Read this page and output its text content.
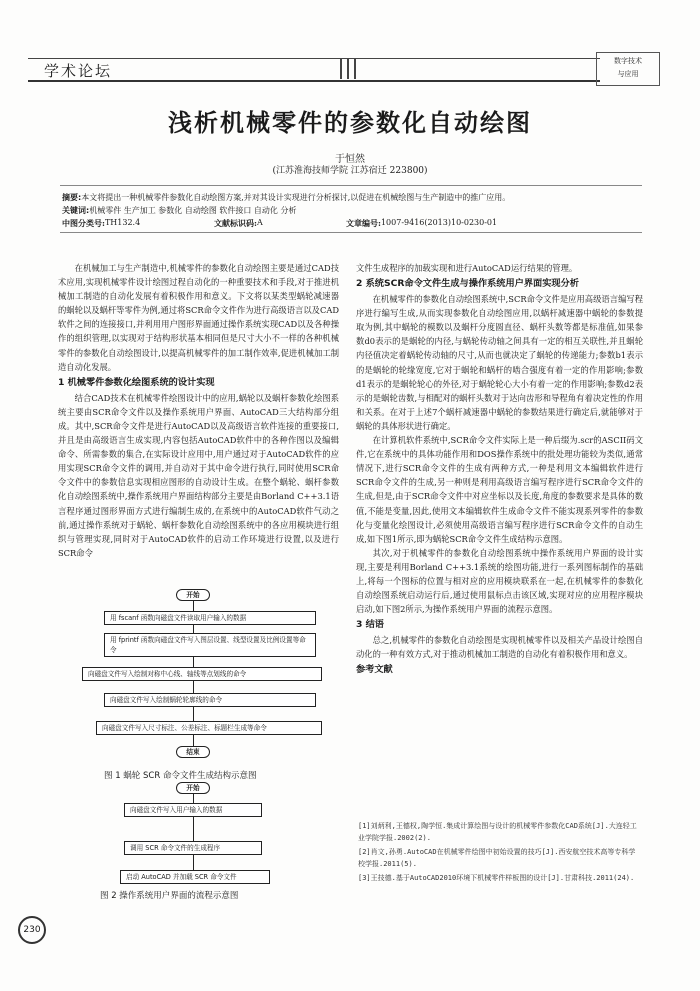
学术论坛
数字技术
与应用
浅析机械零件的参数化自动绘图
于恒然
(江苏淮海技师学院 江苏宿迁 223800)
摘要:本文将提出一种机械零件参数化自动绘图方案,并对其设计实现进行分析探讨,以促进在机械绘图与生产制造中的推广应用。
关键词:机械零件 生产加工 参数化 自动绘图 软件接口 自动化 分析
中图分类号: TH132.4	文献标识码: A	文章编号: 1007-9416(2013)10-0230-01

在机械加工与生产制造中,机械零件的参数化自动绘图主要是通过CAD技术应用,实现机械零件设计绘图过程自动化的一种重要技术和手段,对于推进机械加工制造的自动化发展有着积极作用和意义。下文将以某类型蜗轮减速器的蜗轮以及蜗杆等零件为例,通过将SCR命令文件作为进行高级语言以及CAD软件之间的连接接口,并利用用户图形界面通过操作系统实现CAD以及各种操作的组织管理,以实现对于结构形状基本相同但是尺寸大小不一样的各种机械零件的参数化自动绘图设计,以提高机械零件的加工制作效率,促进机械加工制造自动化发展。

1 机械零件参数化绘图系统的设计实现

结合CAD技术在机械零件绘图设计中的应用,蜗轮以及蜗杆参数化绘图系统主要由SCR命令文件以及操作系统用户界面、AutoCAD三大结构部分组成。其中,SCR命令文件是进行AutoCAD以及高级语言软件连接的重要接口,并且是由高级语言生成实现,内容包括AutoCAD软件中的各种作图以及编辑命令、所需参数的集合,在实际设计应用中,用户通过对于AutoCAD软件的应用实现SCR命令文件的调用,并自动对于其中命令进行执行,同时使用SCR命令文件中的参数信息实现相应图形的自动设计生成。在整个蜗轮、蜗杆参数化自动绘图系统中,操作系统用户界面结构部分主要是由Borland C++3.1语言程序通过图形界面方式进行编制生成的,在系统中的AutoCAD软件气动之前,通过操作系统对于蜗轮、蜗杆参数化自动绘图系统中的各应用模块进行组织与管理实现,同时对于AutoCAD软件的启动工作环境进行设置,以及进行SCR命令

开始
用 fscanf 函数向磁盘文件读取用户输入的数据
用 fprintf 函数向磁盘文件写入图层设置、线型设置及比例设置等命令
向磁盘文件写入绘制对称中心线、轴线等点划线的命令
向磁盘文件写入绘制蜗轮轮廓线的命令
向磁盘文件写入尺寸标注、公差标注、标题栏生成等命令
结束
图 1 蜗轮 SCR 命令文件生成结构示意图
开始
向磁盘文件写入用户输入的数据
调用 SCR 命令文件的生成程序
启动 AutoCAD 并加载 SCR 命令文件
图 2 操作系统用户界面的流程示意图

文件生成程序的加载实现和进行AutoCAD运行结果的管理。

2 系统SCR命令文件生成与操作系统用户界面实现分析

在机械零件的参数化自动绘图系统中,SCR命令文件是应用高级语言编写程序进行编写生成,从而实现参数化自动绘图应用,以蜗杆减速器中蜗轮的参数提取为例,其中蜗轮的模数以及蜗杆分度圆直径、蜗杆头数等都是标准值,如果参数d0表示的是蜗轮的内径,与蜗轮传动轴之间具有一定的相互关联性,并且蜗轮内径值决定着蜗轮传动轴的尺寸,从而也就决定了蜗轮的传递能力;参数b1表示的是蜗轮的轮缘宽度,它对于蜗轮和蜗杆的啮合强度有着一定的作用影响;参数d1表示的是蜗轮轮心的外径,对于蜗轮轮心大小有着一定的作用影响;参数d2表示的是蜗轮齿数,与相配对的蜗杆头数对于达向齿形和导程角有着决定性的作用和关系。在对于上述7个蜗杆减速器中蜗轮的参数结果进行确定后,就能够对于蜗轮的具体形状进行确定。

在计算机软件系统中,SCR命令文件实际上是一种后缀为.scr的ASCII码文件,它在系统中的具体功能作用和DOS操作系统中的批处理功能较为类似,通常情况下,进行SCR命令文件的生成有两种方式,一种是利用文本编辑软件进行SCR命令文件的生成,另一种则是利用高级语言编写程序进行SCR命令文件的生成,但是,由于SCR命令文件中对应坐标以及长度,角度的参数要求是具体的数值,不能是变量,因此,使用文本编辑软件生成命令文件不能实现系列零件的参数化与变量化绘图设计,必须使用高级语言编写程序进行SCR命令文件的自动生成,如下图1所示,即为蜗轮SCR命令文件生成结构示意图。

其次,对于机械零件的参数化自动绘图系统中操作系统用户界面的设计实现,主要是利用Borland C++3.1系统的绘图功能,进行一系列图标制作的基础上,将每一个图标的位置与相对应的应用模块联系在一起,在机械零件的参数化自动绘图系统启动运行后,通过使用鼠标点击该区域,实现对应的应用程序模块启动,如下图2所示,为操作系统用户界面的流程示意图。

3 结语

总之,机械零件的参数化自动绘图是实现机械零件以及相关产品设计绘图自动化的一种有效方式,对于推动机械加工制造的自动化有着积极作用和意义。

参考文献
[1]刘炳利,王德权,陶学恒.集成计算绘图与设计的机械零件参数化CAD系统[J].大连轻工业学院学报.2002(2).
[2]肖文,孙勇.AutoCAD在机械零件绘图中初始设置的技巧[J].西安航空技术高等专科学校学报.2011(5).
[3]王技德.基于AutoCAD2010环境下机械零件样板图的设计[J].甘肃科技.2011(24).
230
